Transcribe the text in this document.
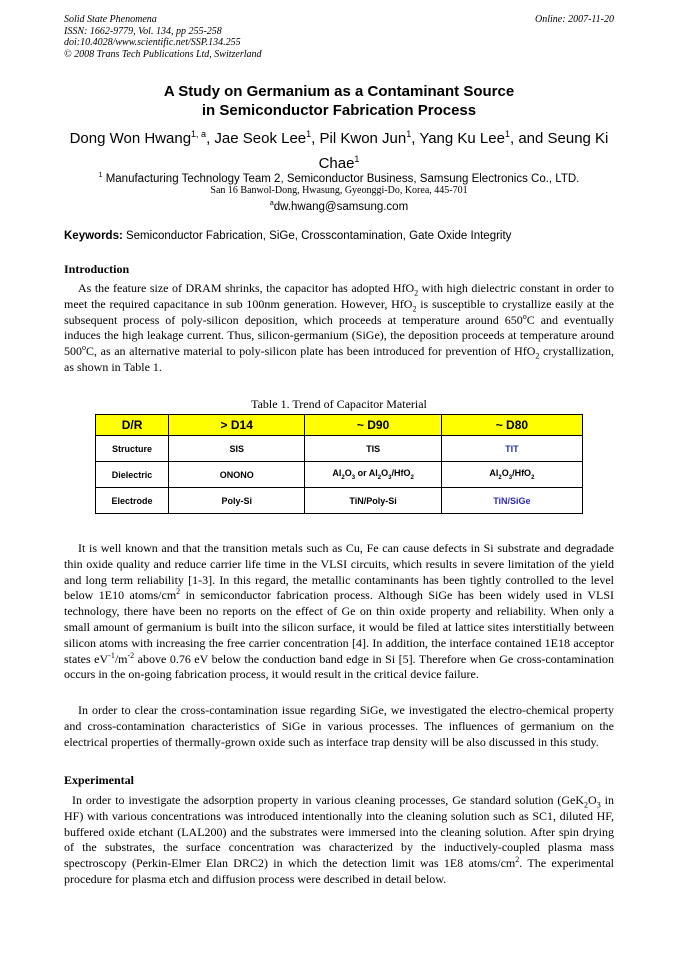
Solid State Phenomena
ISSN: 1662-9779, Vol. 134, pp 255-258
doi:10.4028/www.scientific.net/SSP.134.255
© 2008 Trans Tech Publications Ltd, Switzerland
Online: 2007-11-20
A Study on Germanium as a Contaminant Source
in Semiconductor Fabrication Process
Dong Won Hwang$^{1, a}$, Jae Seok Lee$^1$, Pil Kwon Jun$^1$, Yang Ku Lee$^1$, and Seung Ki Chae$^1$
$^1$ Manufacturing Technology Team 2, Semiconductor Business, Samsung Electronics Co., LTD.
San 16 Banwol-Dong, Hwasung, Gyeonggi-Do, Korea, 445-701
$^a$dw.hwang@samsung.com
Keywords: Semiconductor Fabrication, SiGe, Crosscontamination, Gate Oxide Integrity
Introduction
As the feature size of DRAM shrinks, the capacitor has adopted HfO$_2$ with high dielectric constant in order to meet the required capacitance in sub 100nm generation. However, HfO$_2$ is susceptible to crystallize easily at the subsequent process of poly-silicon deposition, which proceeds at temperature around 650$^o$C and eventually induces the high leakage current. Thus, silicon-germanium (SiGe), the deposition proceeds at temperature around 500$^o$C, as an alternative material to poly-silicon plate has been introduced for prevention of HfO$_2$ crystallization, as shown in Table 1.
Table 1. Trend of Capacitor Material
D/R	> D14	~ D90	~ D80
Structure	SIS	TIS	TIT
Dielectric	ONONO	$Al_2O_3$ or $Al_2O_3/HfO_2$	$Al_2O_3/HfO_2$
Electrode	Poly-Si	TiN/Poly-Si	TiN/SiGe
It is well known and that the transition metals such as Cu, Fe can cause defects in Si substrate and degradade thin oxide quality and reduce carrier life time in the VLSI circuits, which results in severe limitation of the yield and long term reliability [1-3]. In this regard, the metallic contaminants has been tightly controlled to the level below 1E10 atoms/$cm^2$ in semiconductor fabrication process. Although SiGe has been widely used in VLSI technology, there have been no reports on the effect of Ge on thin oxide property and reliability. When only a small amount of germanium is built into the silicon surface, it would be filed at lattice sites interstitially between silicon atoms with increasing the free carrier concentration [4]. In addition, the interface contained 1E18 acceptor states $eV^{-1}/m^{-2}$ above 0.76 eV below the conduction band edge in Si [5]. Therefore when Ge cross-contamination occurs in the on-going fabrication process, it would result in the critical device failure.
In order to clear the cross-contamination issue regarding SiGe, we investigated the electro-chemical property and cross-contamination characteristics of SiGe in various processes. The influences of germanium on the electrical properties of thermally-grown oxide such as interface trap density will be also discussed in this study.
Experimental
In order to investigate the adsorption property in various cleaning processes, Ge standard solution ($GeK_2O_3$ in HF) with various concentrations was introduced intentionally into the cleaning solution such as SC1, diluted HF, buffered oxide etchant (LAL200) and the substrates were immersed into the cleaning solution. After spin drying of the substrates, the surface concentration was characterized by the inductively-coupled plasma mass spectroscopy (Perkin-Elmer Elan DRC2) in which the detection limit was 1E8 atoms/$cm^2$. The experimental procedure for plasma etch and diffusion process were described in detail below.
